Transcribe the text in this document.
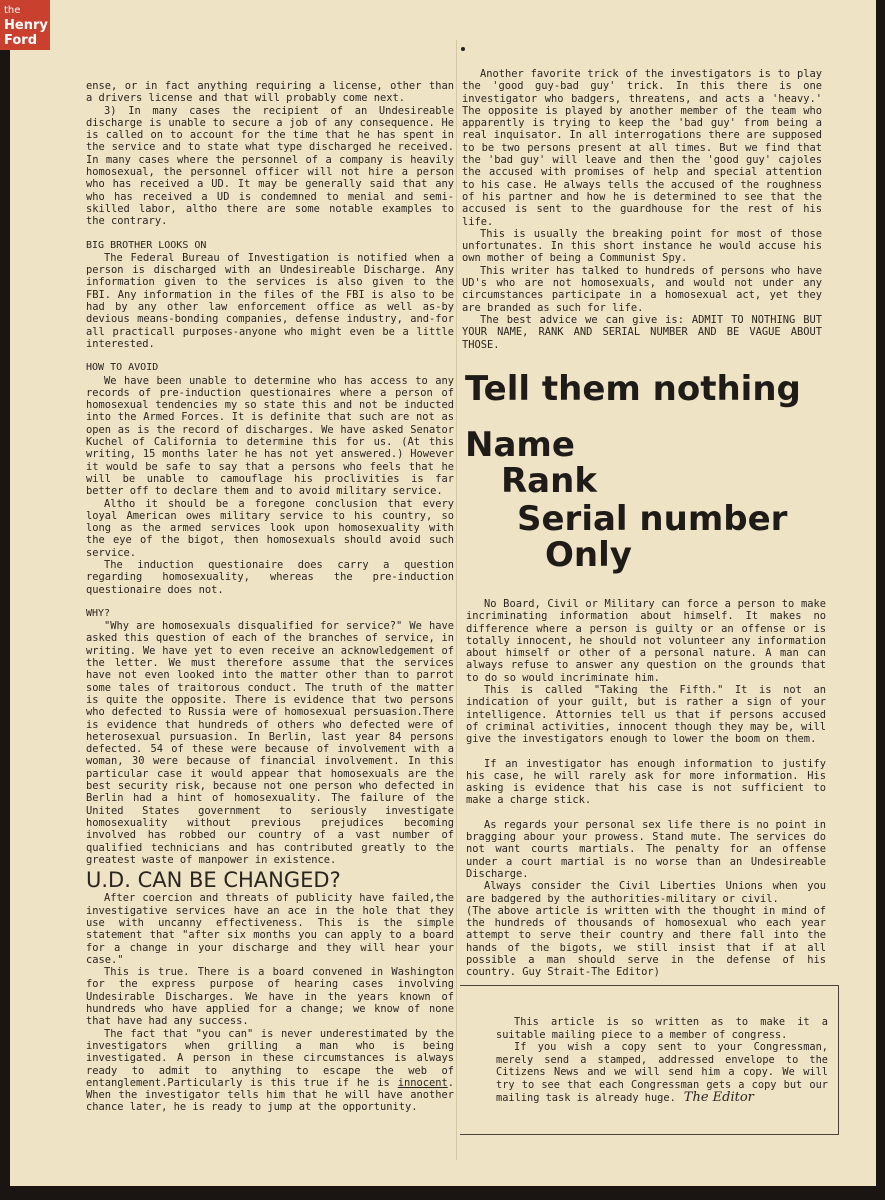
ense, or in fact anything requiring a license, other than a drivers license and that will probably come next.

3) In many cases the recipient of an Undesireable discharge is unable to secure a job of any consequence. He is called on to account for the time that he has spent in the service and to state what type discharged he received. In many cases where the personnel of a company is heavily homosexual, the personnel officer will not hire a person who has received a UD. It may be generally said that any who has received a UD is condemned to menial and semi-skilled labor, altho there are some notable examples to the contrary.

BIG BROTHER LOOKS ON

The Federal Bureau of Investigation is notified when a person is discharged with an Undesireable Discharge. Any information given to the services is also given to the FBI. Any information in the files of the FBI is also to be had by any other law enforcement office as well as-by devious means-bonding companies, defense industry, and-for all practicall purposes-anyone who might even be a little interested.

HOW TO AVOID

We have been unable to determine who has access to any records of pre-induction questionaires where a person of homosexual tendencies my so state this and not be inducted into the Armed Forces. It is definite that such are not as open as is the record of discharges. We have asked Senator Kuchel of California to determine this for us. (At this writing, 15 months later he has not yet answered.) However it would be safe to say that a persons who feels that he will be unable to camouflage his proclivities is far better off to declare them and to avoid military service.

Altho it should be a foregone conclusion that every loyal American owes military service to his country, so long as the armed services look upon homosexuality with the eye of the bigot, then homosexuals should avoid such service.

The induction questionaire does carry a question regarding homosexuality, whereas the pre-induction questionaire does not.

WHY?

"Why are homosexuals disqualified for service?" We have asked this question of each of the branches of service, in writing. We have yet to even receive an acknowledgement of the letter. We must therefore assume that the services have not even looked into the matter other than to parrot some tales of traitorous conduct. The truth of the matter is quite the opposite. There is evidence that two persons who defected to Russia were of homosexual persuasion.There is evidence that hundreds of others who defected were of heterosexual pursuasion. In Berlin, last year 84 persons defected. 54 of these were because of involvement with a woman, 30 were because of financial involvement. In this particular case it would appear that homosexuals are the best security risk, because not one person who defected in Berlin had a hint of homosexuality. The failure of the United States government to seriously investigate homosexuality without previous prejudices becoming involved has robbed our country of a vast number of qualified technicians and has contributed greatly to the greatest waste of manpower in existence.

U.D. CAN BE CHANGED?

After coercion and threats of publicity have failed,the investigative services have an ace in the hole that they use with uncanny effectiveness. This is the simple statement that "after six months you can apply to a board for a change in your discharge and they will hear your case."

This is true. There is a board convened in Washington for the express purpose of hearing cases involving Undesirable Discharges. We have in the years known of hundreds who have applied for a change; we know of none that have had any success.

The fact that "you can" is never underestimated by the investigators when grilling a man who is being investigated. A person in these circumstances is always ready to admit to anything to escape the web of entanglement.Particularly is this true if he is innocent. When the investigator tells him that he will have another chance later, he is ready to jump at the opportunity.

Another favorite trick of the investigators is to play the 'good guy-bad guy' trick. In this there is one investigator who badgers, threatens, and acts a 'heavy.' The opposite is played by another member of the team who apparently is trying to keep the 'bad guy' from being a real inquisator. In all interrogations there are supposed to be two persons present at all times. But we find that the 'bad guy' will leave and then the 'good guy' cajoles the accused with promises of help and special attention to his case. He always tells the accused of the roughness of his partner and how he is determined to see that the accused is sent to the guardhouse for the rest of his life.

This is usually the breaking point for most of those unfortunates. In this short instance he would accuse his own mother of being a Communist Spy.

This writer has talked to hundreds of persons who have UD's who are not homosexuals, and would not under any circumstances participate in a homosexual act, yet they are branded as such for life.

The best advice we can give is: ADMIT TO NOTHING BUT YOUR NAME, RANK AND SERIAL NUMBER AND BE VAGUE ABOUT THOSE.

Tell them nothing
Name
Rank
Serial number
Only

No Board, Civil or Military can force a person to make incriminating information about himself. It makes no difference where a person is guilty or an offense or is totally innocent, he should not volunteer any information about himself or other of a personal nature. A man can always refuse to answer any question on the grounds that to do so would incriminate him.

This is called "Taking the Fifth." It is not an indication of your guilt, but is rather a sign of your intelligence. Attornies tell us that if persons accused of criminal activities, innocent though they may be, will give the investigators enough to lower the boom on them.

If an investigator has enough information to justify his case, he will rarely ask for more information. His asking is evidence that his case is not sufficient to make a charge stick.

As regards your personal sex life there is no point in bragging abour your prowess. Stand mute. The services do not want courts martials. The penalty for an offense under a court martial is no worse than an Undesireable Discharge.

Always consider the Civil Liberties Unions when you are badgered by the authorities-military or civil.

(The above article is written with the thought in mind of the hundreds of thousands of homosexual who each year attempt to serve their country and there fall into the hands of the bigots, we still insist that if at all possible a man should serve in the defense of his country. Guy Strait-The Editor)

This article is so written as to make it a suitable mailing piece to a member of congress.

If you wish a copy sent to your Congressman, merely send a stamped, addressed envelope to the Citizens News and we will send him a copy. We will try to see that each Congressman gets a copy but our mailing task is already huge. The Editor

the
Henry
Ford
